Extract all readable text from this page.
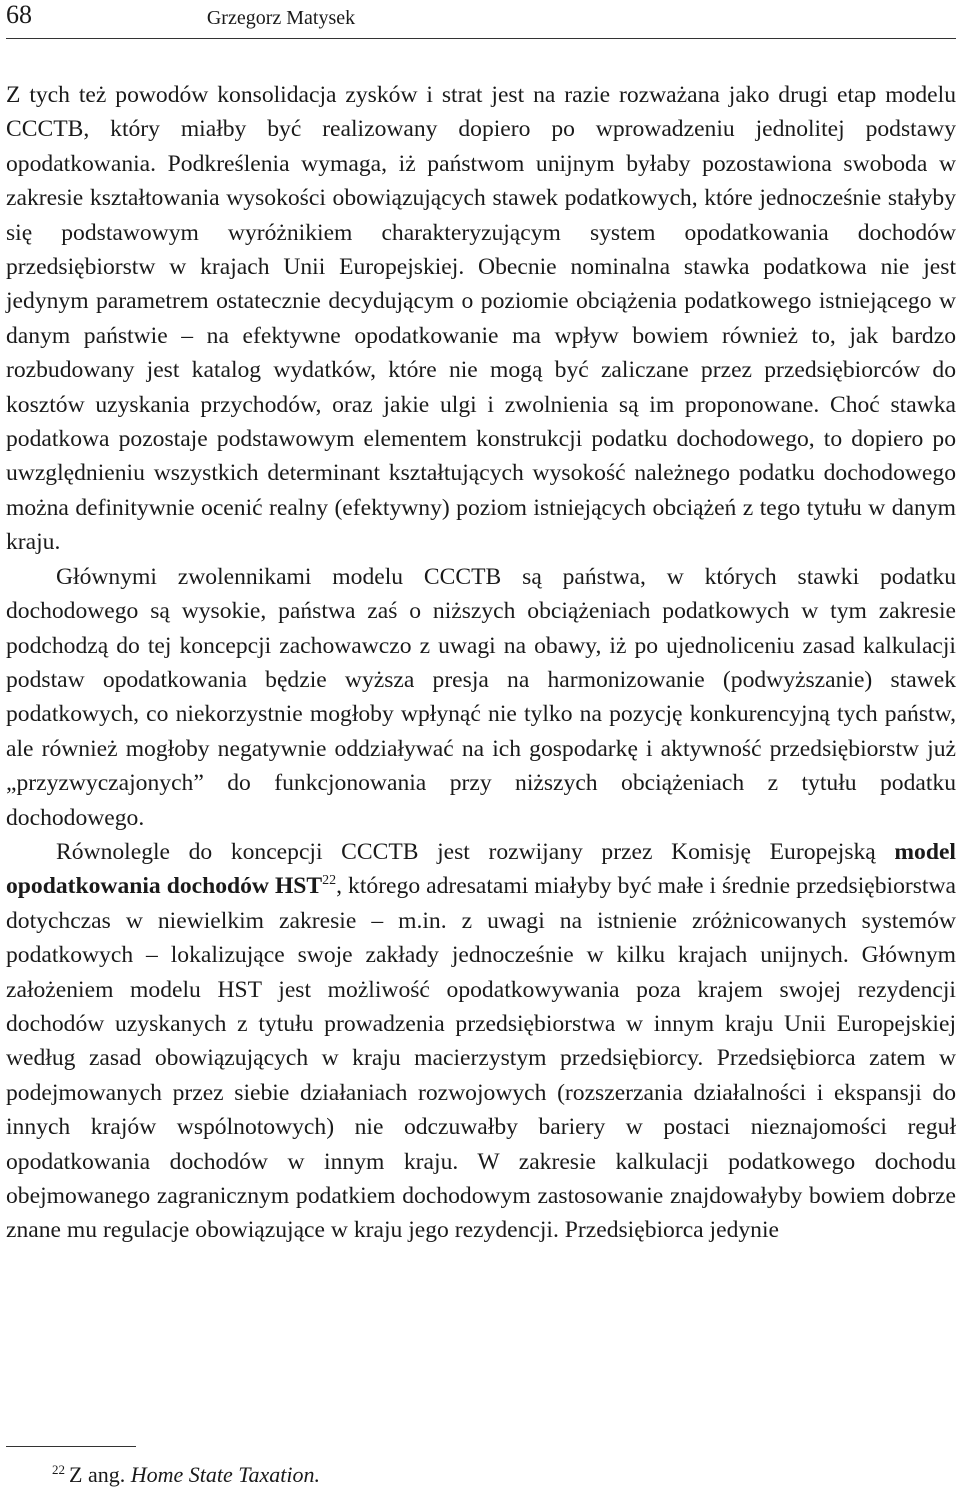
68	Grzegorz Matysek

Z tych też powodów konsolidacja zysków i strat jest na razie rozważana jako drugi etap modelu CCCTB, który miałby być realizowany dopiero po wprowadzeniu jednolitej podstawy opodatkowania. Podkreślenia wymaga, iż państwom unijnym byłaby pozostawiona swoboda w zakresie kształtowania wysokości obowiązujących stawek podatkowych, które jednocześnie stałyby się podstawowym wyróżnikiem charakteryzującym system opodatkowania dochodów przedsiębiorstw w krajach Unii Europejskiej. Obecnie nominalna stawka podatkowa nie jest jedynym parametrem ostatecznie decydującym o poziomie obciążenia podatkowego istniejącego w danym państwie – na efektywne opodatkowanie ma wpływ bowiem również to, jak bardzo rozbudowany jest katalog wydatków, które nie mogą być zaliczane przez przedsiębiorców do kosztów uzyskania przychodów, oraz jakie ulgi i zwolnienia są im proponowane. Choć stawka podatkowa pozostaje podstawowym elementem konstrukcji podatku dochodowego, to dopiero po uwzględnieniu wszystkich determinant kształtujących wysokość należnego podatku dochodowego można definitywnie ocenić realny (efektywny) poziom istniejących obciążeń z tego tytułu w danym kraju.

Głównymi zwolennikami modelu CCCTB są państwa, w których stawki podatku dochodowego są wysokie, państwa zaś o niższych obciążeniach podatkowych w tym zakresie podchodzą do tej koncepcji zachowawczo z uwagi na obawy, iż po ujednoliceniu zasad kalkulacji podstaw opodatkowania będzie wyższa presja na harmonizowanie (podwyższanie) stawek podatkowych, co niekorzystnie mogłoby wpłynąć nie tylko na pozycję konkurencyjną tych państw, ale również mogłoby negatywnie oddziaływać na ich gospodarkę i aktywność przedsiębiorstw już „przyzwyczajonych” do funkcjonowania przy niższych obciążeniach z tytułu podatku dochodowego.

Równolegle do koncepcji CCCTB jest rozwijany przez Komisję Europejską model opodatkowania dochodów HST$^{22}$, którego adresatami miałyby być małe i średnie przedsiębiorstwa dotychczas w niewielkim zakresie – m.in. z uwagi na istnienie zróżnicowanych systemów podatkowych – lokalizujące swoje zakłady jednocześnie w kilku krajach unijnych. Głównym założeniem modelu HST jest możliwość opodatkowywania poza krajem swojej rezydencji dochodów uzyskanych z tytułu prowadzenia przedsiębiorstwa w innym kraju Unii Europejskiej według zasad obowiązujących w kraju macierzystym przedsiębiorcy. Przedsiębiorca zatem w podejmowanych przez siebie działaniach rozwojowych (rozszerzania działalności i ekspansji do innych krajów wspólnotowych) nie odczuwałby bariery w postaci nieznajomości reguł opodatkowania dochodów w innym kraju. W zakresie kalkulacji podatkowego dochodu obejmowanego zagranicznym podatkiem dochodowym zastosowanie znajdowałyby bowiem dobrze znane mu regulacje obowiązujące w kraju jego rezydencji. Przedsiębiorca jedynie

$^{22}$ Z ang. Home State Taxation.
